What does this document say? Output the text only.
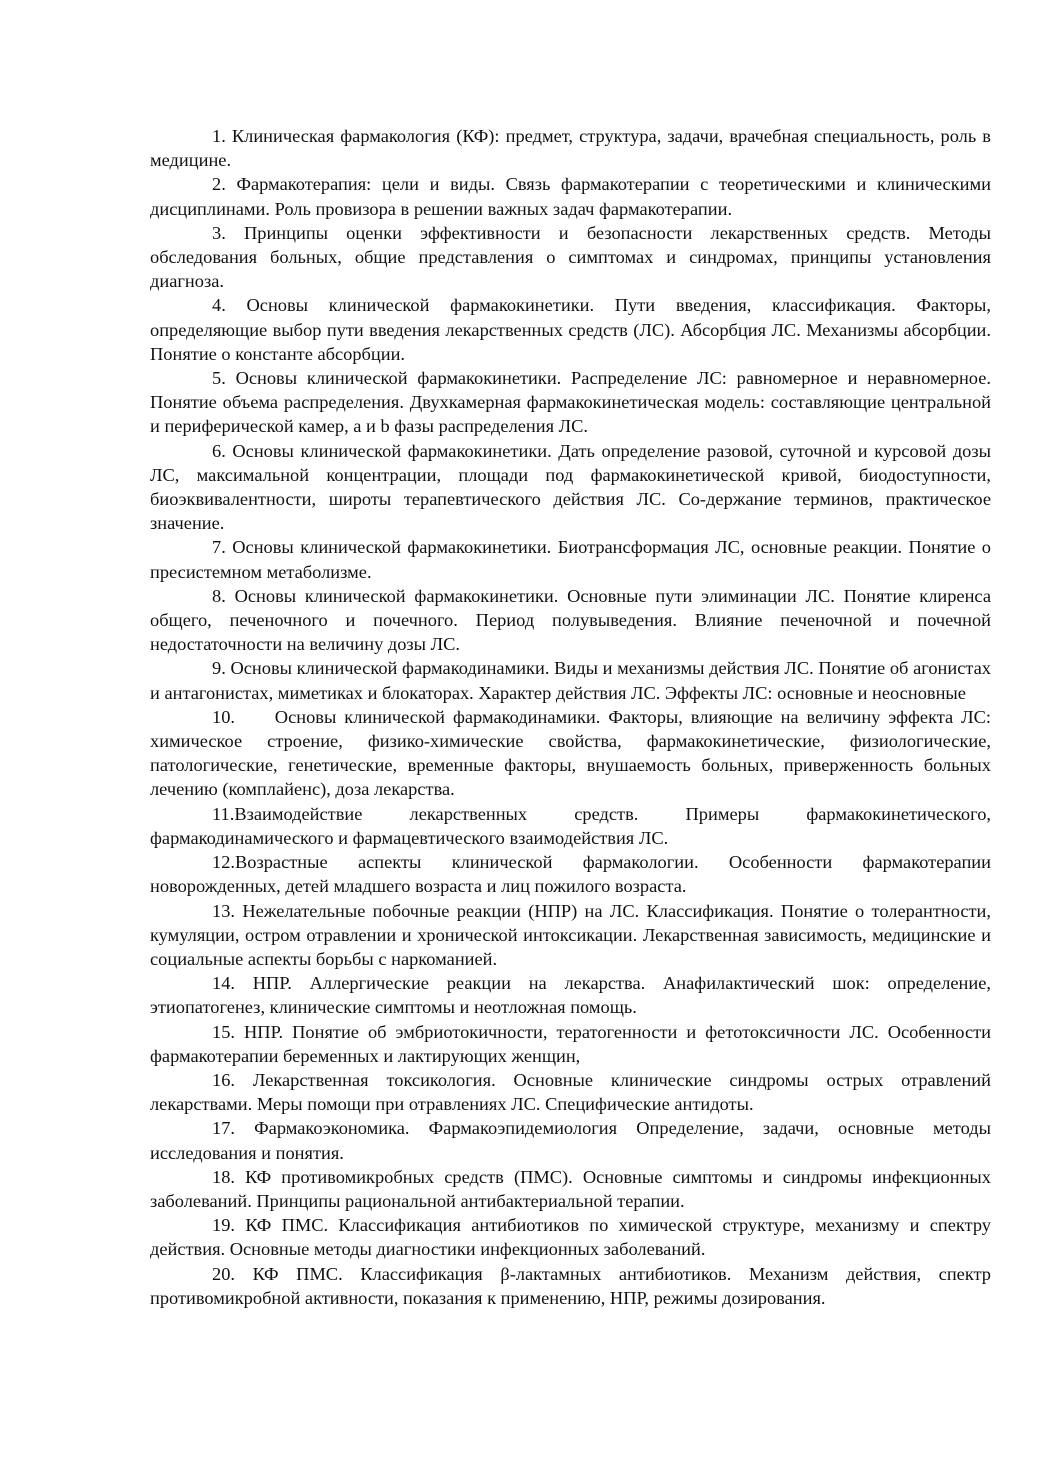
1. Клиническая фармакология (КФ): предмет, структура, задачи, врачебная специальность, роль в медицине.

2. Фармакотерапия: цели и виды. Связь фармакотерапии с теоретическими и клиническими дисциплинами. Роль провизора в решении важных задач фармакотерапии.

3. Принципы оценки эффективности и безопасности лекарственных средств. Методы обследования больных, общие представления о симптомах и синдромах, принципы установления диагноза.

4. Основы клинической фармакокинетики. Пути введения, классификация. Факторы, определяющие выбор пути введения лекарственных средств (ЛС). Абсорбция ЛС. Механизмы абсорбции. Понятие о константе абсорбции.

5. Основы клинической фармакокинетики. Распределение ЛС: равномерное и неравномерное. Понятие объема распределения. Двухкамерная фармакокинетическая модель: составляющие центральной и периферической камер, a и b фазы распределения ЛС.

6. Основы клинической фармакокинетики. Дать определение разовой, суточной и курсовой дозы ЛС, максимальной концентрации, площади под фармакокинетической кривой, биодоступности, биоэквивалентности, широты терапевтического действия ЛС. Со-держание терминов, практическое значение.

7. Основы клинической фармакокинетики. Биотрансформация ЛС, основные реакции. Понятие о пресистемном метаболизме.

8. Основы клинической фармакокинетики. Основные пути элиминации ЛС. Понятие клиренса общего, печеночного и почечного. Период полувыведения. Влияние печеночной и почечной недостаточности на величину дозы ЛС.

9. Основы клинической фармакодинамики. Виды и механизмы действия ЛС. Понятие об агонистах и антагонистах, миметиках и блокаторах. Характер действия ЛС. Эффекты ЛС: основные и неосновные

10.     Основы клинической фармакодинамики. Факторы, влияющие на величину эффекта ЛС: химическое строение, физико-химические свойства, фармакокинетические, физиологические, патологические, генетические, временные факторы, внушаемость больных, приверженность больных лечению (комплайенс), доза лекарства.

11.Взаимодействие лекарственных средств. Примеры фармакокинетического, фармакодинамического и фармацевтического взаимодействия ЛС.

12.Возрастные аспекты клинической фармакологии. Особенности фармакотерапии новорожденных, детей младшего возраста и лиц пожилого возраста.

13. Нежелательные побочные реакции (НПР) на ЛС. Классификация. Понятие о толерантности, кумуляции, остром отравлении и хронической интоксикации. Лекарственная зависимость, медицинские и социальные аспекты борьбы с наркоманией.

14. НПР. Аллергические реакции на лекарства. Анафилактический шок: определение, этиопатогенез, клинические симптомы и неотложная помощь.

15. НПР. Понятие об эмбриотокичности, тератогенности и фетотоксичности ЛС. Особенности фармакотерапии беременных и лактирующих женщин,

16. Лекарственная токсикология. Основные клинические синдромы острых отравлений лекарствами. Меры помощи при отравлениях ЛС. Специфические антидоты.

17. Фармакоэкономика. Фармакоэпидемиология Определение, задачи, основные методы исследования и понятия.

18. КФ противомикробных средств (ПМС). Основные симптомы и синдромы инфекционных заболеваний. Принципы рациональной антибактериальной терапии.

19. КФ ПМС. Классификация антибиотиков по химической структуре, механизму и спектру действия. Основные методы диагностики инфекционных заболеваний.

20. КФ ПМС. Классификация β-лактамных антибиотиков. Механизм действия, спектр противомикробной активности, показания к применению, НПР, режимы дозирования.
